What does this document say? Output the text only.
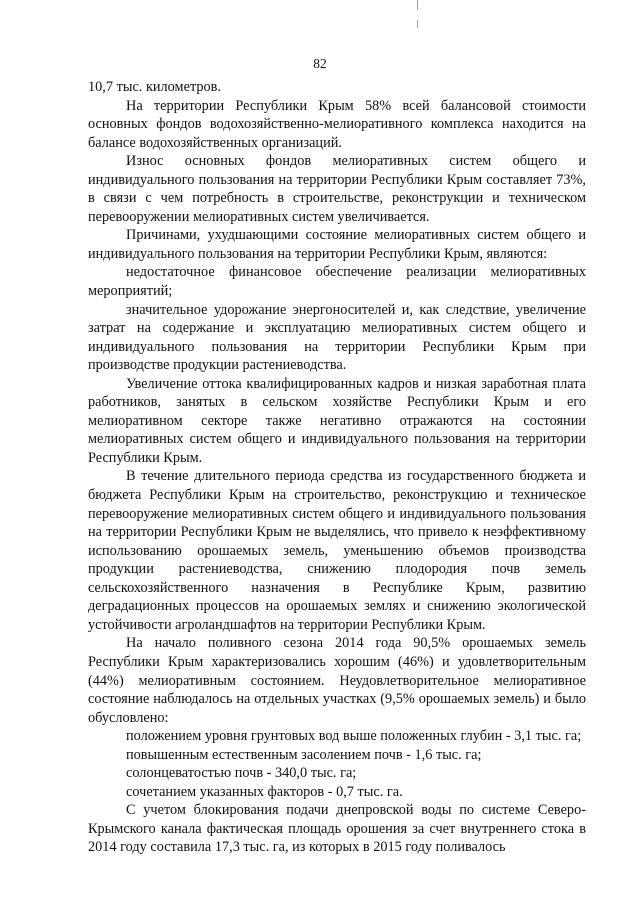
82

10,7 тыс. километров.

На территории Республики Крым 58% всей балансовой стоимости основных фондов водохозяйственно-мелиоративного комплекса находится на балансе водохозяйственных организаций.

Износ основных фондов мелиоративных систем общего и индивидуального пользования на территории Республики Крым составляет 73%, в связи с чем потребность в строительстве, реконструкции и техническом перевооружении мелиоративных систем увеличивается.

Причинами, ухудшающими состояние мелиоративных систем общего и индивидуального пользования на территории Республики Крым, являются:

недостаточное финансовое обеспечение реализации мелиоративных мероприятий;

значительное удорожание энергоносителей и, как следствие, увеличение затрат на содержание и эксплуатацию мелиоративных систем общего и индивидуального пользования на территории Республики Крым при производстве продукции растениеводства.

Увеличение оттока квалифицированных кадров и низкая заработная плата работников, занятых в сельском хозяйстве Республики Крым и его мелиоративном секторе также негативно отражаются на состоянии мелиоративных систем общего и индивидуального пользования на территории Республики Крым.

В течение длительного периода средства из государственного бюджета и бюджета Республики Крым на строительство, реконструкцию и техническое перевооружение мелиоративных систем общего и индивидуального пользования на территории Республики Крым не выделялись, что привело к неэффективному использованию орошаемых земель, уменьшению объемов производства продукции растениеводства, снижению плодородия почв земель сельскохозяйственного назначения в Республике Крым, развитию деградационных процессов на орошаемых землях и снижению экологической устойчивости агроландшафтов на территории Республики Крым.

На начало поливного сезона 2014 года 90,5% орошаемых земель Республики Крым характеризовались хорошим (46%) и удовлетворительным (44%) мелиоративным состоянием. Неудовлетворительное мелиоративное состояние наблюдалось на отдельных участках (9,5% орошаемых земель) и было обусловлено:

положением уровня грунтовых вод выше положенных глубин - 3,1 тыс. га;

повышенным естественным засолением почв - 1,6 тыс. га;

солонцеватостью почв - 340,0 тыс. га;

сочетанием указанных факторов - 0,7 тыс. га.

С учетом блокирования подачи днепровской воды по системе Северо-Крымского канала фактическая площадь орошения за счет внутреннего стока в 2014 году составила 17,3 тыс. га, из которых в 2015 году поливалось
